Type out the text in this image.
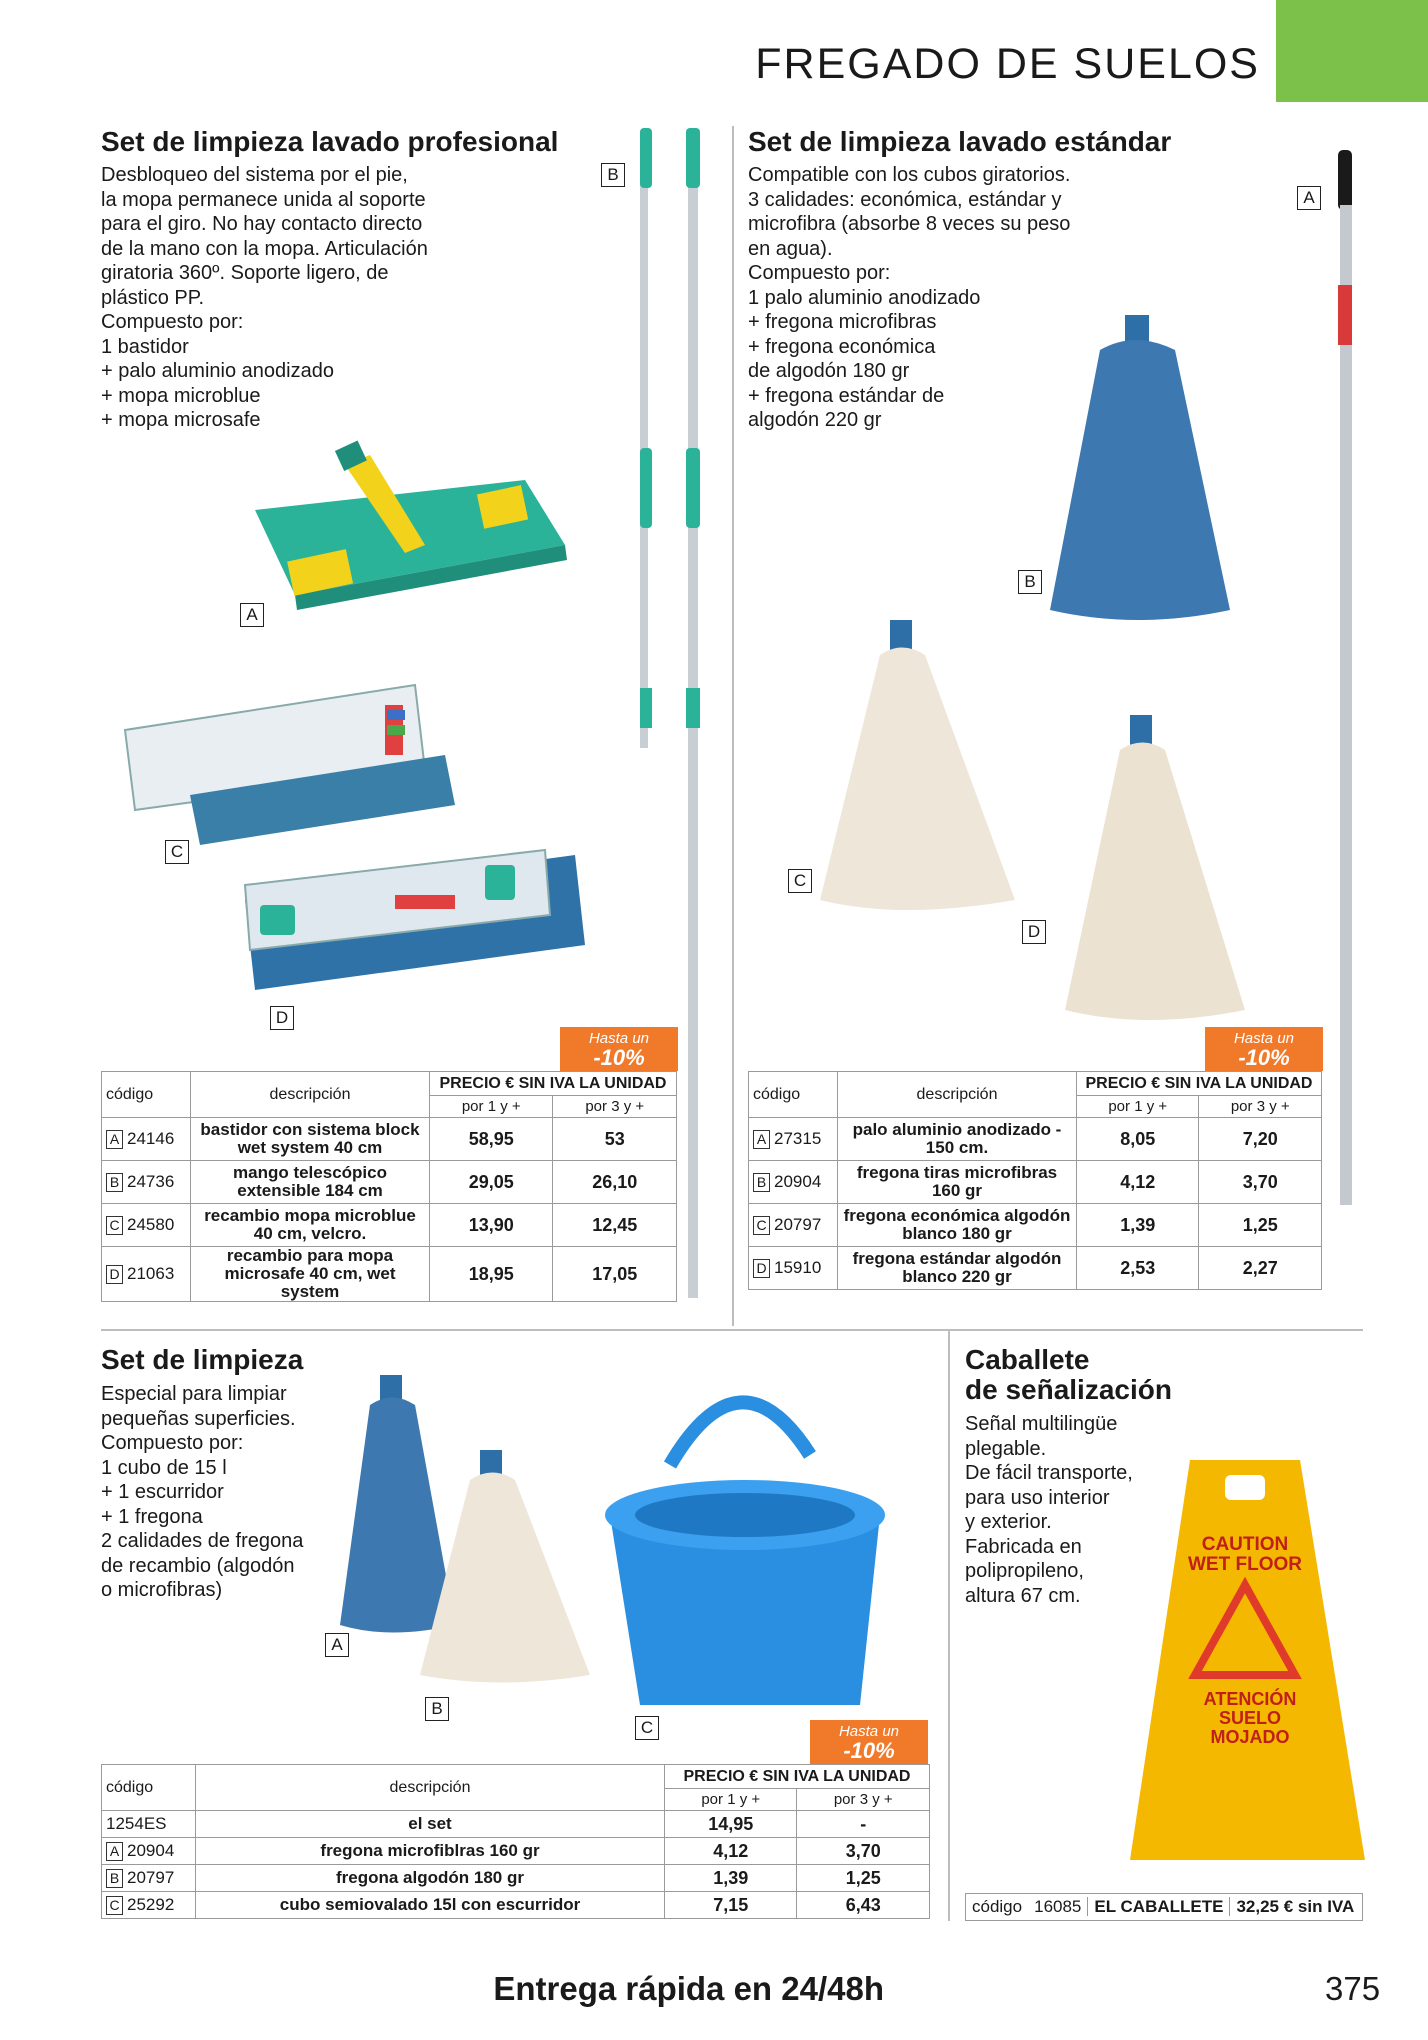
FREGADO DE SUELOS
Set de limpieza lavado profesional
Desbloqueo del sistema por el pie,
la mopa permanece unida al soporte
para el giro. No hay contacto directo
de la mano con la mopa. Articulación
giratoria 360º. Soporte ligero, de
plástico PP.
Compuesto por:
1 bastidor
+ palo aluminio anodizado
+ mopa microblue
+ mopa microsafe
B
A
C
D
Hasta un
-10%
código	descripción	PRECIO € SIN IVA LA UNIDAD	
		por 1 y +	por 3 y +
A 24146	bastidor con sistema block wet system 40 cm	58,95	53
B 24736	mango telescópico extensible 184 cm	29,05	26,10
C 24580	recambio mopa microblue 40 cm, velcro.	13,90	12,45
D 21063	recambio para mopa microsafe 40 cm, wet system	18,95	17,05
Set de limpieza lavado estándar
Compatible con los cubos giratorios.
3 calidades: económica, estándar y
microfibra (absorbe 8 veces su peso
en agua).
Compuesto por:
1 palo aluminio anodizado
+ fregona microfibras
+ fregona económica
de algodón 180 gr
+ fregona estándar de
algodón 220 gr
A
B
C
D
Hasta un
-10%
código	descripción	PRECIO € SIN IVA LA UNIDAD	
		por 1 y +	por 3 y +
A 27315	palo aluminio anodizado - 150 cm.	8,05	7,20
B 20904	fregona tiras microfibras 160 gr	4,12	3,70
C 20797	fregona económica algodón blanco 180 gr	1,39	1,25
D 15910	fregona estándar algodón blanco 220 gr	2,53	2,27
Set de limpieza
Especial para limpiar
pequeñas superficies.
Compuesto por:
1 cubo de 15 l
+ 1 escurridor
+ 1 fregona
2 calidades de fregona
de recambio (algodón
o microfibras)
A
B
C	Hasta un
-10%
código	descripción	PRECIO € SIN IVA LA UNIDAD	
		por 1 y +	por 3 y +
1254ES	el set	14,95	-
A 20904	fregona microfiblras 160 gr	4,12	3,70
B 20797	fregona algodón 180 gr	1,39	1,25
C 25292	cubo semiovalado 15l con escurridor	7,15	6,43
Caballete
de señalización
Señal multilingüe
plegable.
De fácil transporte,
para uso interior
y exterior.
Fabricada en
polipropileno,
altura 67 cm.
CAUTION
WET FLOOR
ATENCIÓN
SUELO
MOJADO
código 16085 EL CABALLETE 32,25 € sin IVA
Entrega rápida en 24/48h	375
